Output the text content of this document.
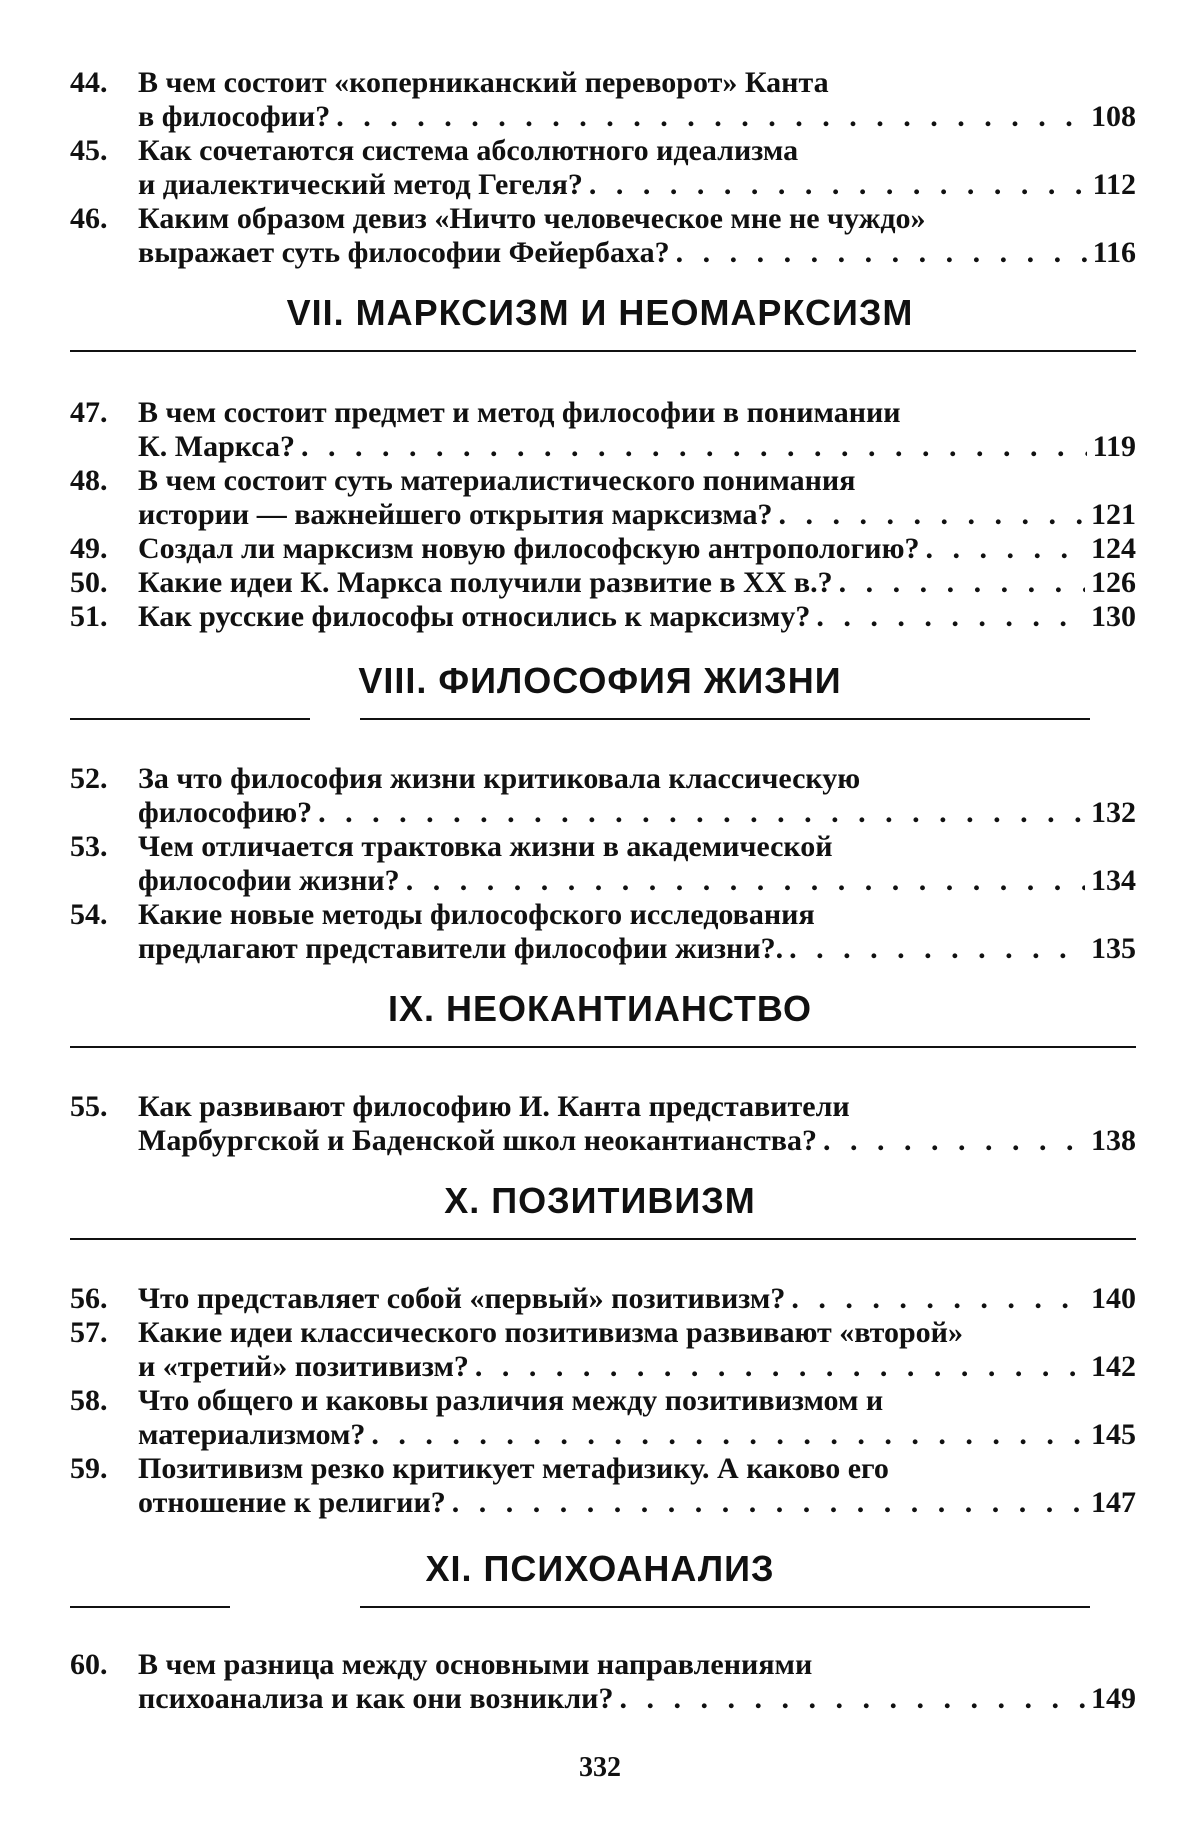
44.	В чем состоит «коперниканский переворот» Канта
в философии? . . .	108
45.	Как сочетаются система абсолютного идеализма
и диалектический метод Гегеля? . . .	112
46.	Каким образом девиз «Ничто человеческое мне не чуждо»
выражает суть философии Фейербаха? . . .	116
VII. МАРКСИЗМ И НЕОМАРКСИЗМ
47.	В чем состоит предмет и метод философии в понимании
К. Маркса? . . .	119
48.	В чем состоит суть материалистического понимания
истории — важнейшего открытия марксизма? . . .	121
49.	Создал ли марксизм новую философскую антропологию? . . .	124
50.	Какие идеи К. Маркса получили развитие в XX в.? . . .	126
51.	Как русские философы относились к марксизму? . . .	130
VIII. ФИЛОСОФИЯ ЖИЗНИ
52.	За что философия жизни критиковала классическую
философию? . . .	132
53.	Чем отличается трактовка жизни в академической
философии жизни? . . .	134
54.	Какие новые методы философского исследования
предлагают представители философии жизни?. . . .	135
IX. НЕОКАНТИАНСТВО
55.	Как развивают философию И. Канта представители
Марбургской и Баденской школ неокантианства? . . .	138
X. ПОЗИТИВИЗМ
56.	Что представляет собой «первый» позитивизм? . . .	140
57.	Какие идеи классического позитивизма развивают «второй»
и «третий» позитивизм? . . .	142
58.	Что общего и каковы различия между позитивизмом и
материализмом? . . .	145
59.	Позитивизм резко критикует метафизику. А каково его
отношение к религии? . . .	147
XI. ПСИХОАНАЛИЗ
60.	В чем разница между основными направлениями
психоанализа и как они возникли? . . .	149
332
